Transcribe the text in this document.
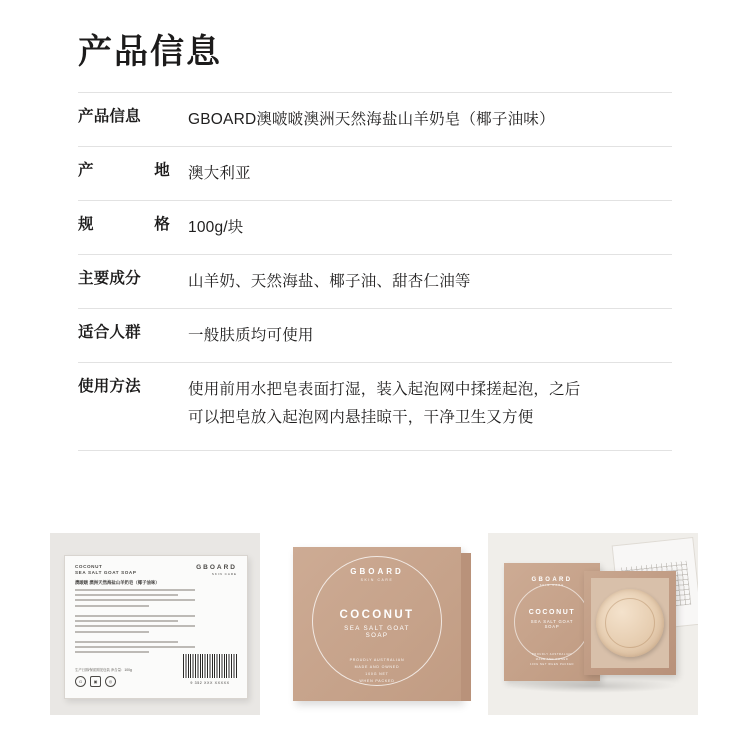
产品信息
产品信息	GBOARD澳啵啵澳洲天然海盐山羊奶皂（椰子油味）
产	地 澳大利亚
规	格 100g/块
主要成分	山羊奶、天然海盐、椰子油、甜杏仁油等
适合人群	一般肤质均可使用
使用方法	使用前用水把皂表面打湿，装入起泡网中揉搓起泡，之后
可以把皂放入起泡网内悬挂晾干，干净卫生又方便
COCONUT
SEA SALT GOAT SOAP
GBOARD
SKIN CARE
澳啵啵 澳洲天然海盐山羊奶皂（椰子油味）
生产日期/保质期见包装 净含量：100g
9 352 XXX XXXXX
G	▣	◎
GBOARD
SKIN CARE
COCONUT
SEA SALT GOAT SOAP
PROUDLY AUSTRALIAN
MADE AND OWNED
100G NET
WHEN PACKED
GBOARD
SKIN CARE
COCONUT
SEA SALT GOAT SOAP
PROUDLY AUSTRALIAN
MADE AND OWNED
100G NET WHEN PACKED
